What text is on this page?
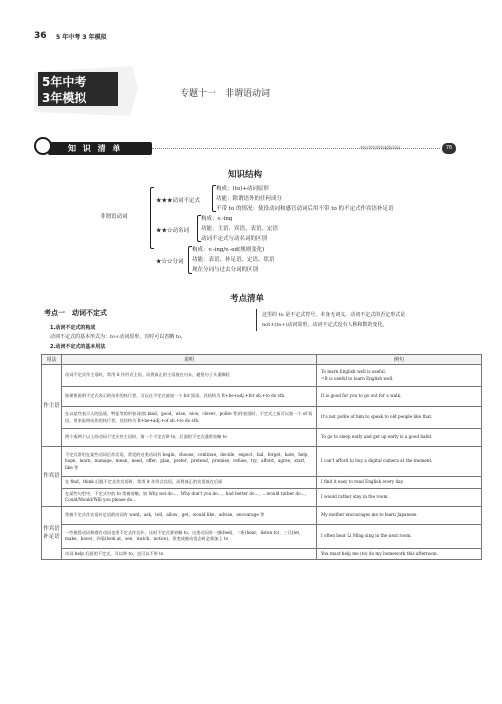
36 5 年中考 3 年模拟
5年中考
3年模拟	专题十一　非谓语动词
知 识 清 单	对应学生用书起始页码	76
知识结构
非谓语动词
★★★动词不定式
构成：(to)+动词原形
功能：除谓语外的任何成分
不带 to 的情况：使役动词和感官动词后用不带 to 的不定式作宾语补足语
★★☆动名词
构成：v.-ing
功能：主语、宾语、表语、定语
动词不定式与动名词的区别
★☆☆分词
构成：v.-ing/v.-ed(规则变化)
功能：表语、补足语、定语、状语
现在分词与过去分词的区别
考点清单
考点一　动词不定式
1.动词不定式的构成
动词不定式的基本形式为：to+动词原形，有时可以省略 to。
2.动词不定式的基本用法
这里的 to 是不定式符号，本身无词义。动词不定式的否定形式是
not+(to+)动词原形。动词不定式没有人称和数的变化。
用法	说明	例句
作主语	动词不定式作主语时，常用 it 作形式主语，而将真正的主语放在句末，避免句子头重脚轻	To learn English well is useful.
=It is useful to learn English well.
	如果要说明不定式表示的动作的执行者，可以在不定式前加一个 for 短语。其结构为 It+be+adj.+for sb.+to do sth.	It is good for you to go out for a walk.
	在以某些表示人的品质、特征等的形容词(如 kind，good，wise，nice，clever，polite 等)作表语时，不定式之前可以加一个 of 短语，用来说明动作的执行者。其结构为 It+be+adj.+of sb.+to do sth.	It's not polite of him to speak to old people like that.
	两个或两个以上的动词不定式作主语时，第一个不定式带 to，后面的不定式通常省略 to	To go to sleep early and get up early is a good habit.
作宾语	不定式常用在某些动词后作宾语，常见的这类动词有 begin，choose，continue，decide，expect，fail，forget，hate，help，hope，learn，manage，mean，need，offer，plan，prefer，pretend，promise，refuse，try，afford，agree，start，like 等	I can't afford to buy a digital camera at the moment.
	在 find，think 后跟不定式作宾语时，常用 it 作形式宾语，而将真正的宾语放在后面	I find it easy to read English every day.
	在某些句型中，不定式中的 to 常被省略，如 Why not do...，Why don't you do...，had better do...，...would rather do...，Could/Would/Will you please do...	I would rather stay in the room.
作宾语补足语	常接不定式作宾语补足语的动词有 want，ask，tell，allow，get，would like，advise，encourage 等	My mother encourages me to learn Japanese.
	一些使役动词和感官动词也用不定式作宾补，这时不定式要省略 to。这类动词有一感(feel)、二听(hear，listen to)、三让(let，make，have)、四看(look at，see，watch，notice)。但变成被动语态时必须加上 to	I often hear Li Ming sing in the next room.
	动词 help 后面的不定式，可以带 to，也可以不带 to	You must help me (to) do my homework this afternoon.
